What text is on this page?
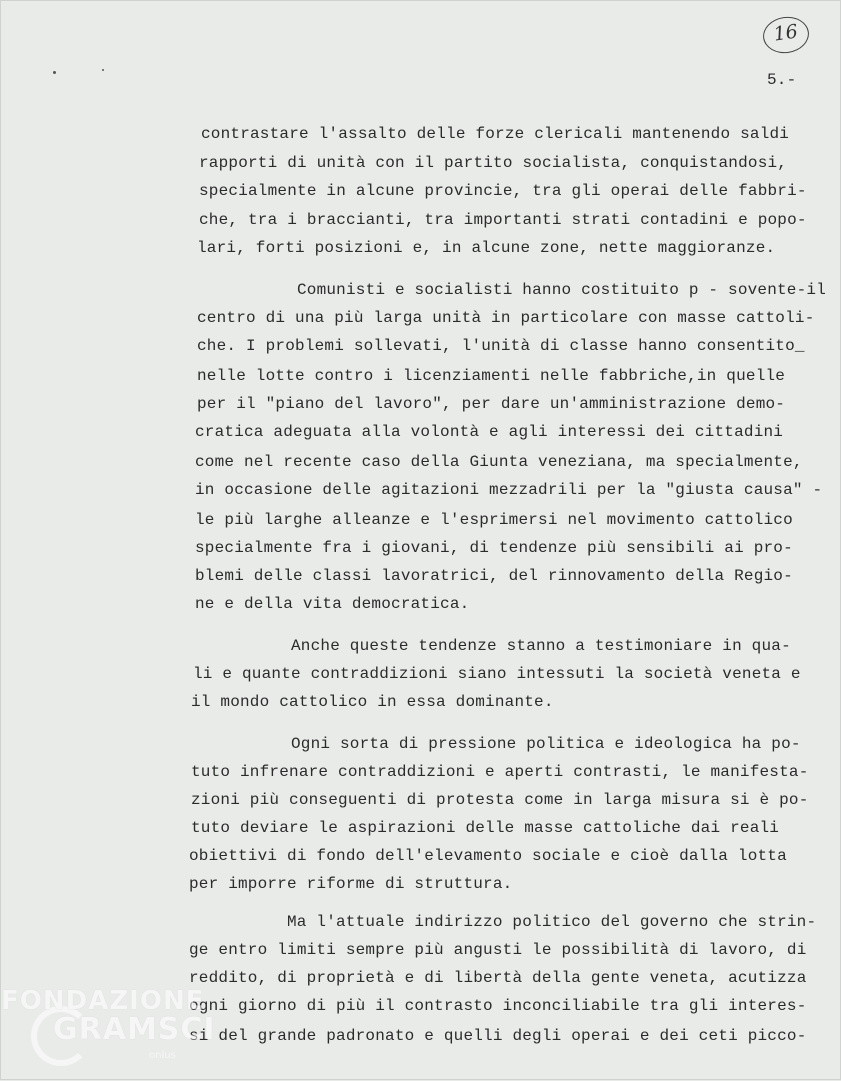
16
5.-
contrastare l'assalto delle forze clericali mantenendo saldi
rapporti di unità con il partito socialista, conquistandosi,
specialmente in alcune provincie, tra gli operai delle fabbri-
che, tra i braccianti, tra importanti strati contadini e popo-
lari, forti posizioni e, in alcune zone, nette maggioranze.
Comunisti e socialisti hanno costituito p - sovente-il
centro di una più larga unità in particolare con masse cattoli-
che. I problemi sollevati, l'unità di classe hanno consentito_
nelle lotte contro i licenziamenti nelle fabbriche,in quelle
per il "piano del lavoro", per dare un'amministrazione demo-
cratica adeguata alla volontà e agli interessi dei cittadini
come nel recente caso della Giunta veneziana, ma specialmente,
in occasione delle agitazioni mezzadrili per la "giusta causa" -
le più larghe alleanze e l'esprimersi nel movimento cattolico
specialmente fra i giovani, di tendenze più sensibili ai pro-
blemi delle classi lavoratrici, del rinnovamento della Regio-
ne e della vita democratica.
Anche queste tendenze stanno a testimoniare in qua-
li e quante contraddizioni siano intessuti la società veneta e
il mondo cattolico in essa dominante.
Ogni sorta di pressione politica e ideologica ha po-
tuto infrenare contraddizioni e aperti contrasti, le manifesta-
zioni più conseguenti di protesta come in larga misura si è po-
tuto deviare le aspirazioni delle masse cattoliche dai reali
obiettivi di fondo dell'elevamento sociale e cioè dalla lotta
per imporre riforme di struttura.
Ma l'attuale indirizzo politico del governo che strin-
ge entro limiti sempre più angusti le possibilità di lavoro, di
reddito, di proprietà e di libertà della gente veneta, acutizza
ogni giorno di più il contrasto inconciliabile tra gli interes-
si del grande padronato e quelli degli operai e dei ceti picco-
FONDAZIONE
GRAMSCI
onlus
